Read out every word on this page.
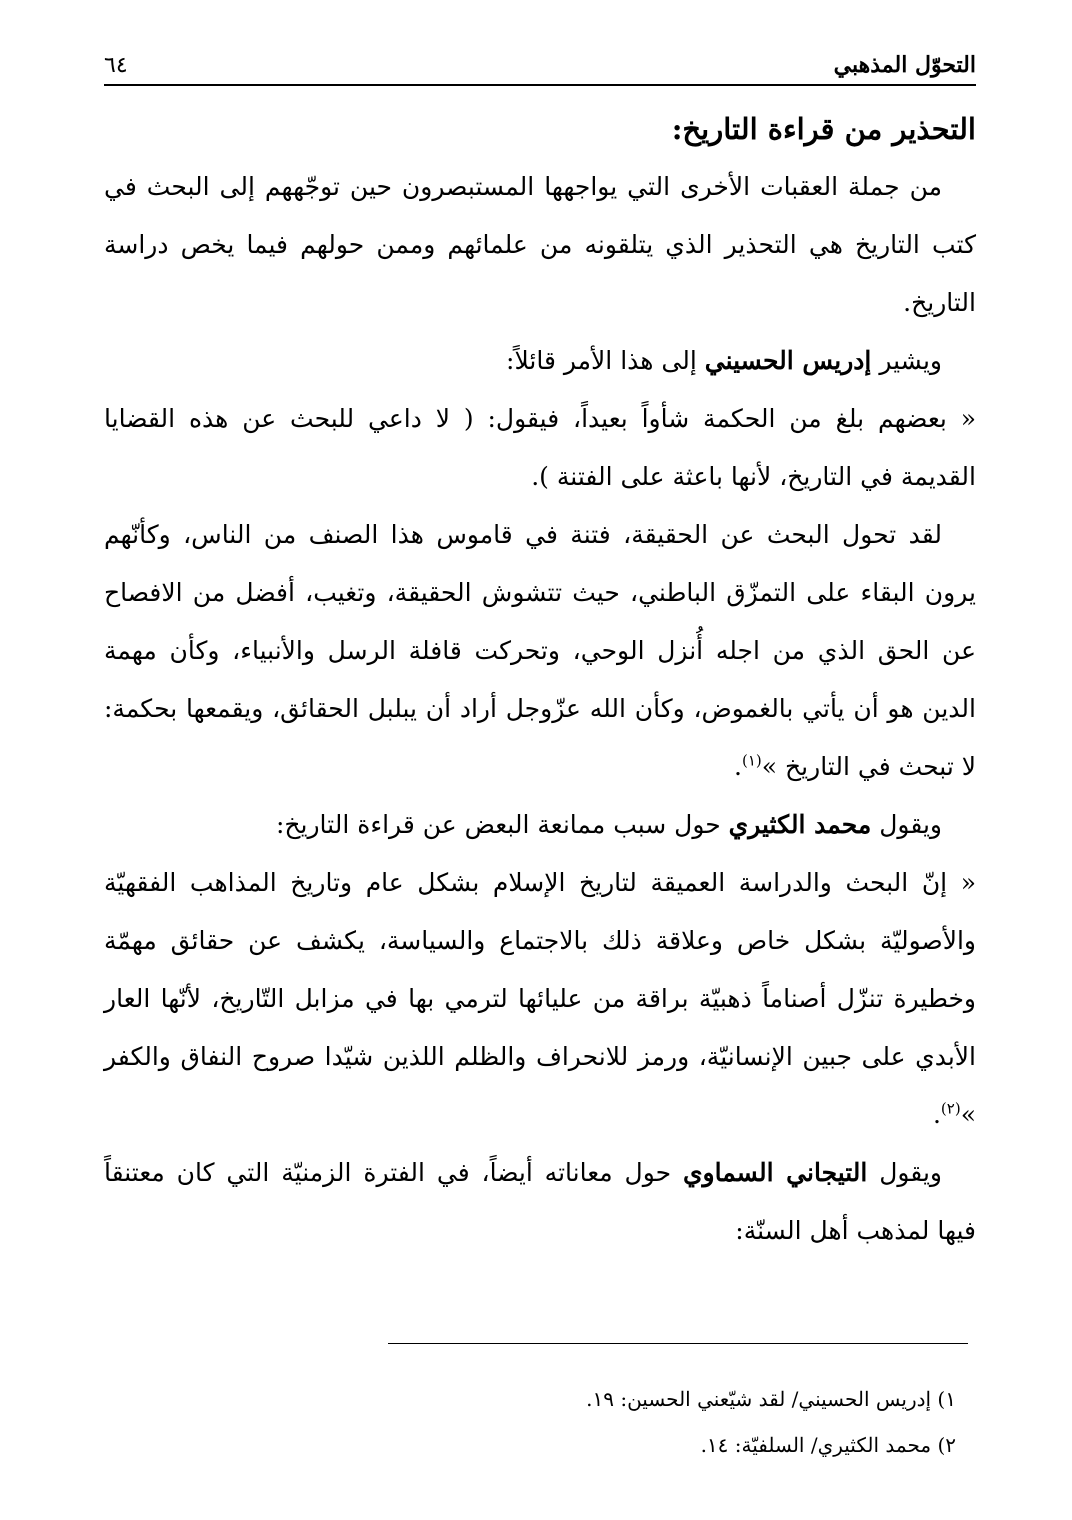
التحوّل المذهبي
٦٤

التحذير من قراءة التاريخ:

من جملة العقبات الأخرى التي يواجهها المستبصرون حين توجّههم إلى البحث في كتب التاريخ هي التحذير الذي يتلقونه من علمائهم وممن حولهم فيما يخص دراسة التاريخ.

ويشير إدريس الحسيني إلى هذا الأمر قائلاً:

« بعضهم بلغ من الحكمة شأواً بعيداً، فيقول: ( لا داعي للبحث عن هذه القضايا القديمة في التاريخ، لأنها باعثة على الفتنة ).

لقد تحول البحث عن الحقيقة، فتنة في قاموس هذا الصنف من الناس، وكأنّهم يرون البقاء على التمزّق الباطني، حيث تتشوش الحقيقة، وتغيب، أفضل من الافصاح عن الحق الذي من اجله أُنزل الوحي، وتحركت قافلة الرسل والأنبياء، وكأن مهمة الدين هو أن يأتي بالغموض، وكأن الله عزّوجل أراد أن يبلبل الحقائق، ويقمعها بحكمة: لا تبحث في التاريخ »$^{(١)}$.

ويقول محمد الكثيري حول سبب ممانعة البعض عن قراءة التاريخ:

« إنّ البحث والدراسة العميقة لتاريخ الإسلام بشكل عام وتاريخ المذاهب الفقهيّة والأصوليّة بشكل خاص وعلاقة ذلك بالاجتماع والسياسة، يكشف عن حقائق مهمّة وخطيرة تنزّل أصناماً ذهبيّة براقة من عليائها لترمي بها في مزابل التّاريخ، لأنّها العار الأبدي على جبين الإنسانيّة، ورمز للانحراف والظلم اللذين شيّدا صروح النفاق والكفر »$^{(٢)}$.

ويقول التيجاني السماوي حول معاناته أيضاً، في الفترة الزمنيّة التي كان معتنقاً فيها لمذهب أهل السنّة:

١) إدريس الحسيني/ لقد شيّعني الحسين: ١٩.

٢) محمد الكثيري/ السلفيّة: ١٤.
